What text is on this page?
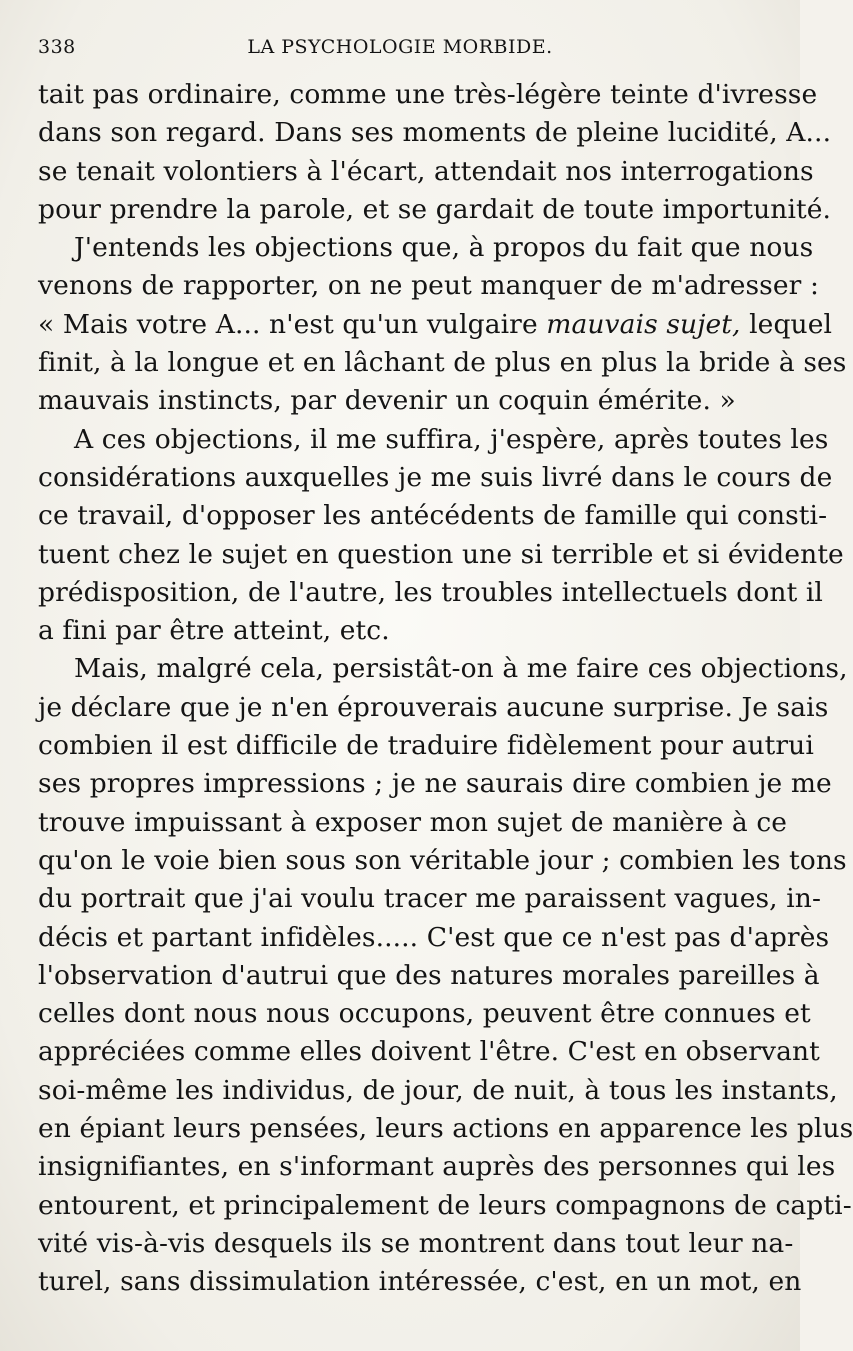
338	LA PSYCHOLOGIE MORBIDE.
tait pas ordinaire, comme une très-légère teinte d'ivresse
dans son regard. Dans ses moments de pleine lucidité, A...
se tenait volontiers à l'écart, attendait nos interrogations
pour prendre la parole, et se gardait de toute importunité.
J'entends les objections que, à propos du fait que nous
venons de rapporter, on ne peut manquer de m'adresser :
« Mais votre A... n'est qu'un vulgaire mauvais sujet, lequel
finit, à la longue et en lâchant de plus en plus la bride à ses
mauvais instincts, par devenir un coquin émérite. »
A ces objections, il me suffira, j'espère, après toutes les
considérations auxquelles je me suis livré dans le cours de
ce travail, d'opposer les antécédents de famille qui consti-
tuent chez le sujet en question une si terrible et si évidente
prédisposition, de l'autre, les troubles intellectuels dont il
a fini par être atteint, etc.
Mais, malgré cela, persistât-on à me faire ces objections,
je déclare que je n'en éprouverais aucune surprise. Je sais
combien il est difficile de traduire fidèlement pour autrui
ses propres impressions ; je ne saurais dire combien je me
trouve impuissant à exposer mon sujet de manière à ce
qu'on le voie bien sous son véritable jour ; combien les tons
du portrait que j'ai voulu tracer me paraissent vagues, in-
décis et partant infidèles..... C'est que ce n'est pas d'après
l'observation d'autrui que des natures morales pareilles à
celles dont nous nous occupons, peuvent être connues et
appréciées comme elles doivent l'être. C'est en observant
soi-même les individus, de jour, de nuit, à tous les instants,
en épiant leurs pensées, leurs actions en apparence les plus
insignifiantes, en s'informant auprès des personnes qui les
entourent, et principalement de leurs compagnons de capti-
vité vis-à-vis desquels ils se montrent dans tout leur na-
turel, sans dissimulation intéressée, c'est, en un mot, en
